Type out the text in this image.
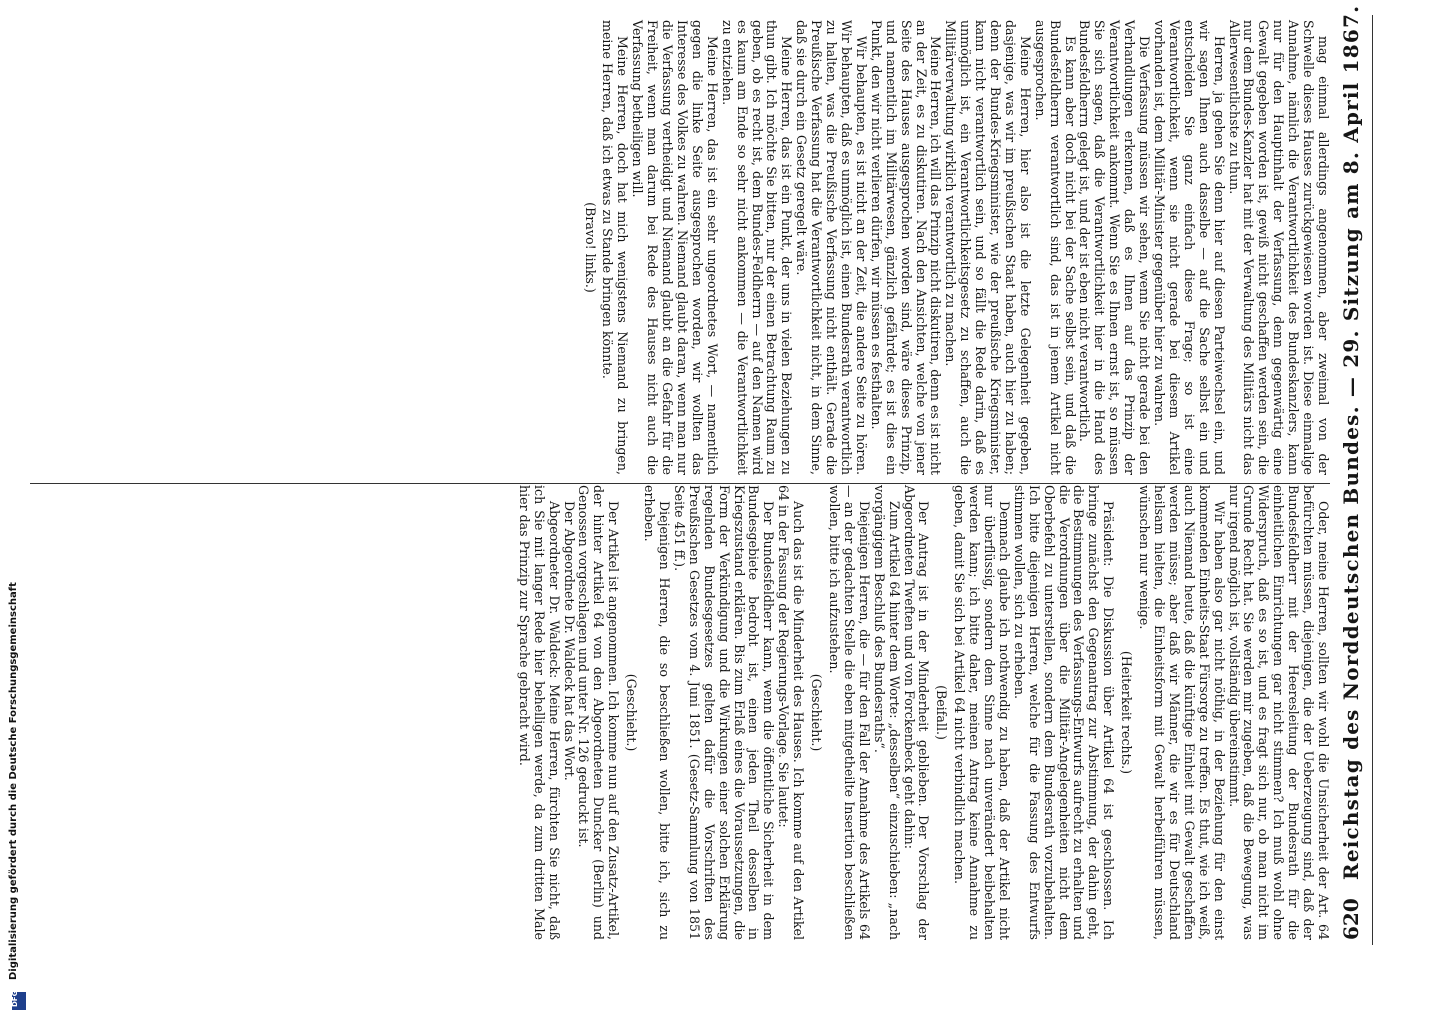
620
Reichstag des Norddeutschen Bundes. — 29. Sitzung am 8. April 1867.

Oder, meine Herren, sollten wir wohl die Unsicherheit der Art. 64 befürchten müssen, diejenigen, die der Ueberzeugung sind, daß der Bundesfeldherr mit der Heeresleitung der Bundesrath für die einheitlichen Einrichtungen gar nicht stimmen? Ich muß wohl ohne Widerspruch, daß es so ist, und es fragt sich nur, ob man nicht im Grunde Recht hat. Sie werden mir zugeben, daß die Bewegung, was nur irgend möglich ist, vollständig übereinstimmt.

Wir haben also gar nicht nöthig, in der Beziehung für den einst kommenden Einheits-Staat Fürsorge zu treffen. Es thut, wie ich weiß, auch Niemand heute, daß die künftige Einheit mit Gewalt geschaffen werden müsse; aber daß wir Männer, die wir es für Deutschland heilsam hielten, die Einheitsform mit Gewalt herbeiführen müssen, wünschen nur wenige.

(Heiterkeit rechts.)

Präsident: Die Diskussion über Artikel 64 ist geschlossen. Ich bringe zunächst den Gegenantrag zur Abstimmung, der dahin geht, die Bestimmungen des Verfassungs-Entwurfs aufrecht zu erhalten und die Verordnungen über die Militär-Angelegenheiten nicht dem Oberbefehl zu unterstellen, sondern dem Bundesrath vorzubehalten. Ich bitte diejenigen Herren, welche für die Fassung des Entwurfs stimmen wollen, sich zu erheben.

Demnach glaube ich nothwendig zu haben, daß der Artikel nicht nur überflüssig, sondern dem Sinne nach unverändert beibehalten werden kann; ich bitte daher, meinen Antrag keine Annahme zu geben, damit Sie sich bei Artikel 64 nicht verbindlich machen.

(Beifall.)

Der Antrag ist in der Minderheit geblieben. Der Vorschlag der Abgeordneten Tweften und von Forckenbeck geht dahin:

Zum Artikel 64 hinter dem Worte: „desselben“ einzuschieben: „nach vorgängigem Beschluß des Bundesraths“.

Diejenigen Herren, die — für den Fall der Annahme des Artikels 64 — an der gedachten Stelle die eben mitgetheilte Insertion beschließen wollen, bitte ich aufzustehen.

(Geschieht.)

Auch das ist die Minderheit des Hauses. Ich komme auf den Artikel 64 in der Fassung der Regierungs-Vorlage. Sie lautet:

Der Bundesfeldherr kann, wenn die öffentliche Sicherheit in dem Bundesgebiete bedroht ist, einen jeden Theil desselben in Kriegszustand erklären. Bis zum Erlaß eines die Voraussetzungen, die Form der Verkündigung und die Wirkungen einer solchen Erklärung regelnden Bundesgesetzes gelten dafür die Vorschriften des Preußischen Gesetzes vom 4. Juni 1851. (Gesetz-Sammlung von 1851 Seite 451 ff.).

Diejenigen Herren, die so beschließen wollen, bitte ich, sich zu erheben.

(Geschieht.)

Der Artikel ist angenommen. Ich komme nun auf den Zusatz-Artikel, der hinter Artikel 64 von den Abgeordneten Duncker (Berlin) und Genossen vorgeschlagen und unter Nr. 126 gedruckt ist.

Der Abgeordnete Dr. Waldeck hat das Wort.

Abgeordneter Dr. Waldeck: Meine Herren, fürchten Sie nicht, daß ich Sie mit langer Rede hier behelligen werde, da zum dritten Male hier das Prinzip zur Sprache gebracht wird.

mag einmal allerdings angenommen, aber zweimal von der Schwelle dieses Hauses zurückgewiesen worden ist. Diese einmalige Annahme, nämlich die Verantwortlichkeit des Bundeskanzlers, kann nur für den Hauptinhalt der Verfassung, denn gegenwärtig eine Gewalt gegeben worden ist, gewiß nicht geschaffen werden sein, die nur dem Bundes-Kanzler hat mit der Verwaltung des Militärs nicht das Allerwesentlichste zu thun.

Herren, ja gehen Sie denn hier auf diesen Parteiwechsel ein, und wir sagen Ihnen auch dasselbe — auf die Sache selbst ein und entscheiden Sie ganz einfach diese Frage; so ist eine Verantwortlichkeit, wenn sie nicht gerade bei diesem Artikel vorhanden ist, dem Militär-Minister gegenüber hier zu wahren.

Die Verfassung müssen wir sehen, wenn Sie nicht gerade bei den Verhandlungen erkennen, daß es Ihnen auf das Prinzip der Verantwortlichkeit ankommt. Wenn Sie es Ihnen ernst ist, so müssen Sie sich sagen, daß die Verantwortlichkeit hier in die Hand des Bundesfeldherrn gelegt ist, und der ist eben nicht verantwortlich.

Es kann aber doch nicht bei der Sache selbst sein, und daß die Bundesfeldherrn verantwortlich sind, das ist in jenem Artikel nicht ausgesprochen.

Meine Herren, hier also ist die letzte Gelegenheit gegeben, dasjenige, was wir im preußischen Staat haben, auch hier zu haben; denn der Bundes-Kriegsminister, wie der preußische Kriegsminister, kann nicht verantwortlich sein, und so fällt die Rede darin, daß es unmöglich ist, ein Verantwortlichkeitsgesetz zu schaffen, auch die Militärverwaltung wirklich verantwortlich zu machen.

Meine Herren, ich will das Prinzip nicht diskutiren, denn es ist nicht an der Zeit, es zu diskutiren. Nach den Ansichten, welche von jener Seite des Hauses ausgesprochen worden sind, wäre dieses Prinzip, und namentlich im Militärwesen, gänzlich gefährdet; es ist dies ein Punkt, den wir nicht verlieren dürfen, wir müssen es festhalten.

Wir behaupten, es ist nicht an der Zeit, die andere Seite zu hören. Wir behaupten, daß es unmöglich ist, einen Bundesrath verantwortlich zu halten, was die Preußische Verfassung nicht enthält. Gerade die Preußische Verfassung hat die Verantwortlichkeit nicht, in dem Sinne, daß sie durch ein Gesetz geregelt wäre.

Meine Herren, das ist ein Punkt, der uns in vielen Beziehungen zu thun gibt. Ich möchte Sie bitten, nur der einen Betrachtung Raum zu geben, ob es recht ist, dem Bundes-Feldherrn — auf den Namen wird es kaum am Ende so sehr nicht ankommen — die Verantwortlichkeit zu entziehen.

Meine Herren, das ist ein sehr ungeordnetes Wort, — namentlich gegen die linke Seite ausgesprochen worden, wir wollten das Interesse des Volkes zu wahren. Niemand glaubt daran, wenn man nur die Verfassung vertheidigt und Niemand glaubt an die Gefahr für die Freiheit, wenn man darum bei Rede des Hauses nicht auch die Verfassung betheiligen will.

Meine Herren, doch hat mich wenigstens Niemand zu bringen, meine Herren, daß ich etwas zu Stande bringen könnte.

(Bravo! links.)

Digitalisierung gefördert durch die Deutsche Forschungsgemeinschaft
DFG
